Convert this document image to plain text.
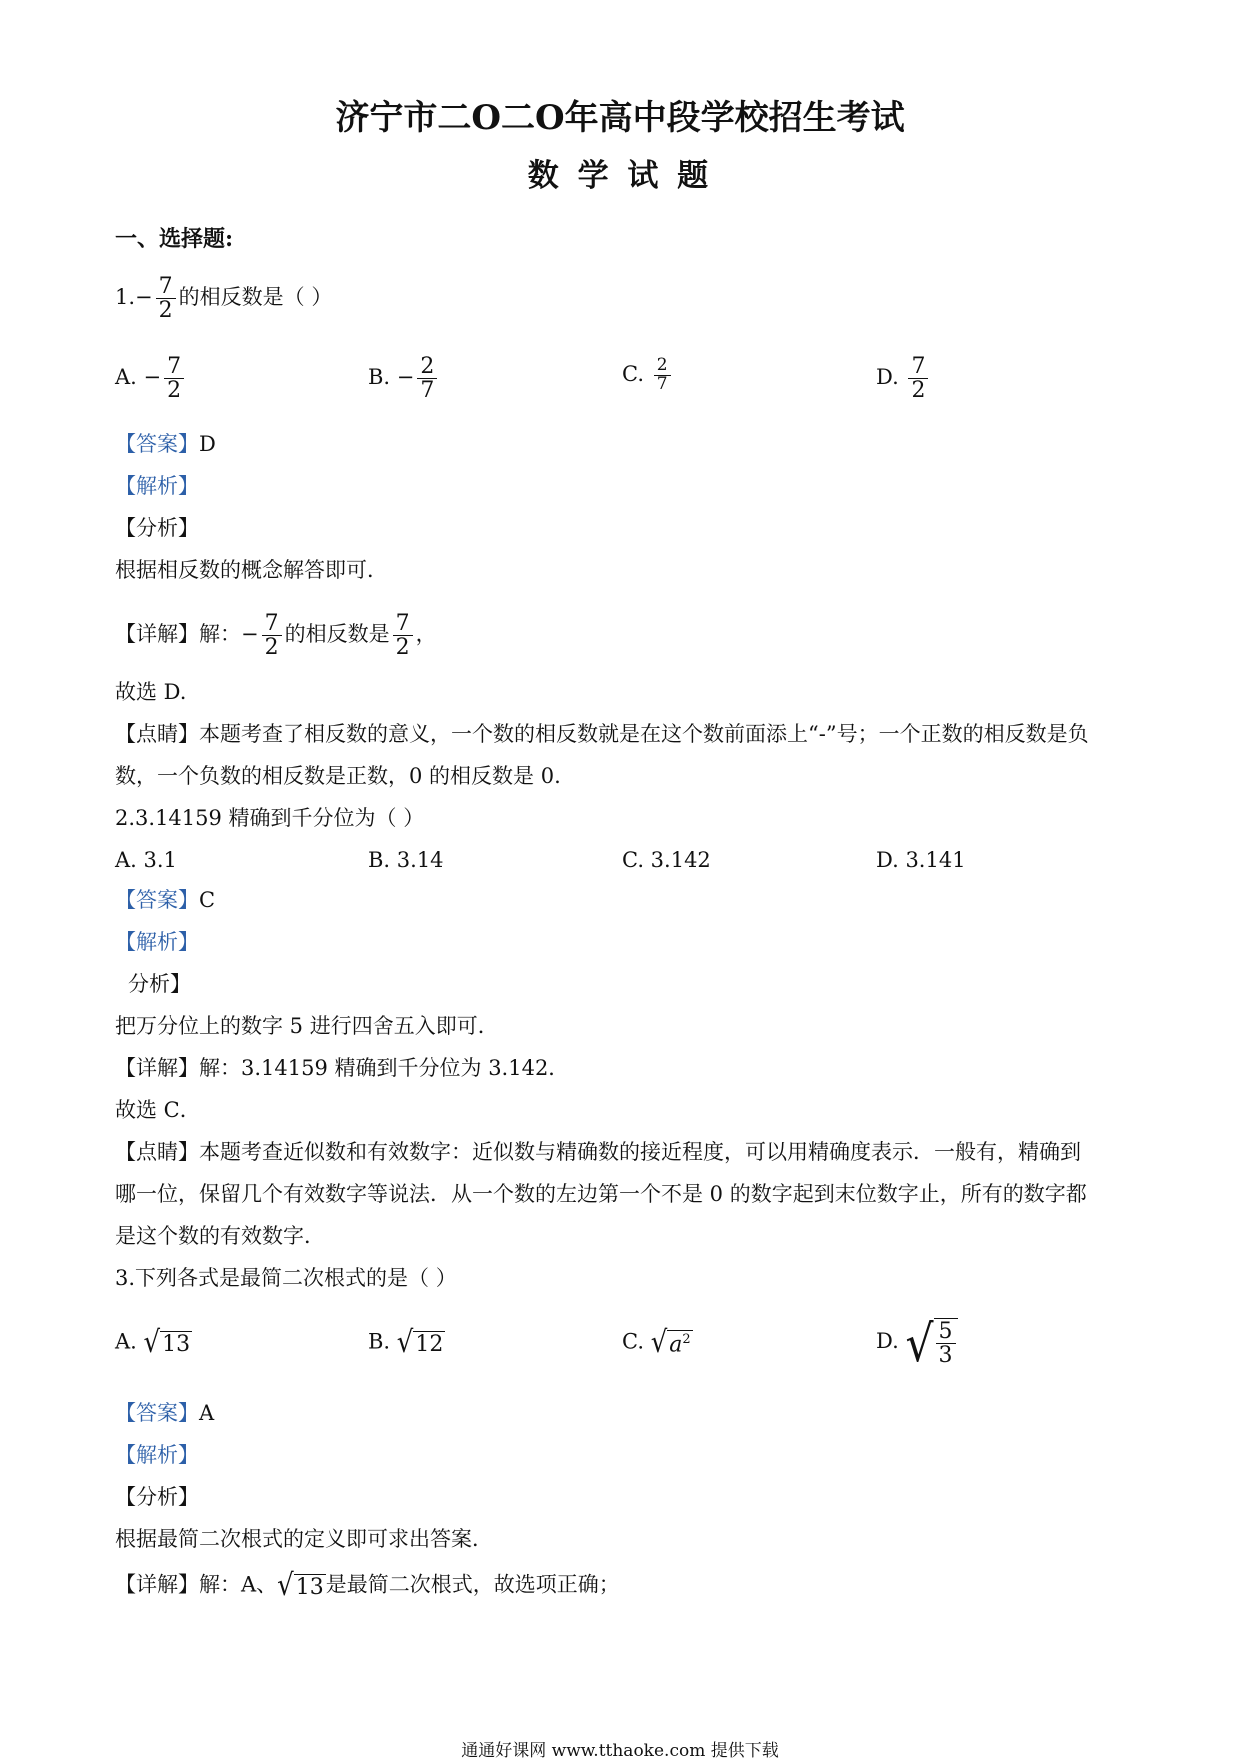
济宁市二O二O年高中段学校招生考试
数 学 试 题
一、选择题:
$1.- \frac{7}{2}$ 的相反数是（ ）
A. − $\frac{7}{2}$	B. − $\frac{2}{7}$	C. $\frac{2}{7}$	D. $\frac{7}{2}$
【答案】D
【解析】
【分析】
根据相反数的概念解答即可．
【详解】解：− $\frac{7}{2}$ 的相反数是 $\frac{7}{2}$ ，
故选 D.
【点睛】本题考查了相反数的意义，一个数的相反数就是在这个数前面添上“-”号；一个正数的相反数是负
数，一个负数的相反数是正数，0 的相反数是 0.
2.3.14159 精确到千分位为（ ）
A. 3.1	B. 3.14	C. 3.142	D. 3.141
【答案】C
【解析】
分析】
把万分位上的数字 5 进行四舍五入即可．
【详解】解：3.14159 精确到千分位为 3.142．
故选 C．
【点睛】本题考查近似数和有效数字：近似数与精确数的接近程度，可以用精确度表示．一般有，精确到
哪一位，保留几个有效数字等说法．从一个数的左边第一个不是 0 的数字起到末位数字止，所有的数字都
是这个数的有效数字．
3.下列各式是最简二次根式的是（ ）
A. √ 13	B. √ 12	C. √ $a^2$	D. √ $\frac{5}{3}$
【答案】A
【解析】
【分析】
根据最简二次根式的定义即可求出答案．
【详解】解：A、 √ 13 是最简二次根式，故选项正确；
通通好课网 www.tthaoke.com 提供下载
